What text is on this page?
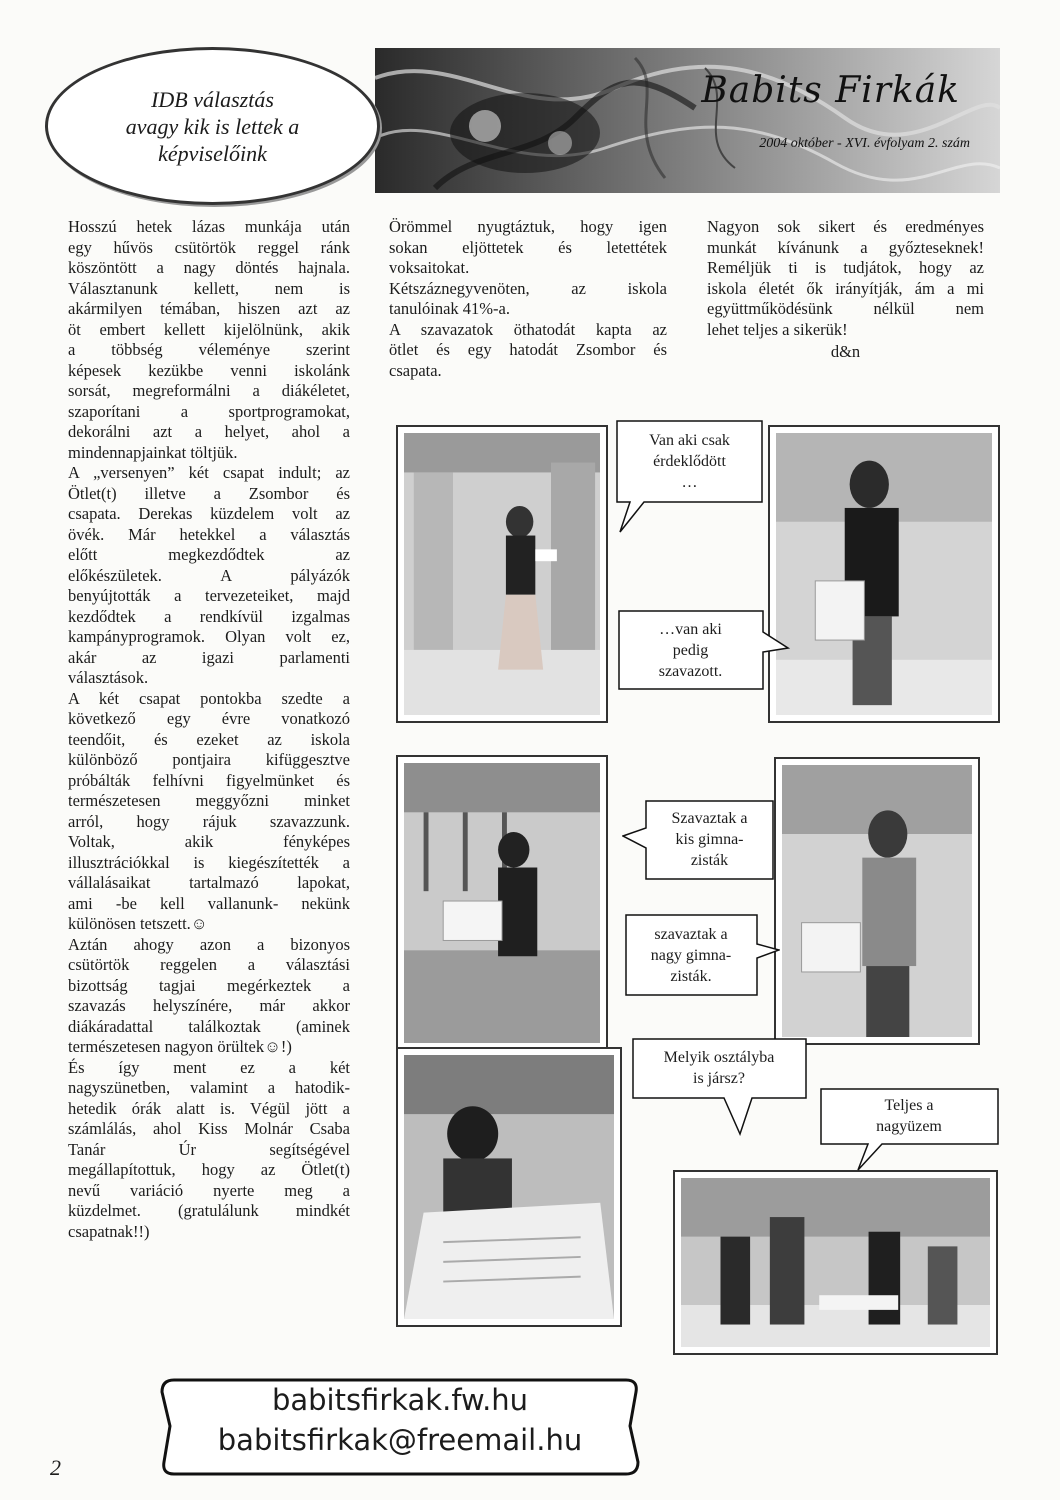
IDB választás
avagy kik is lettek a
képviselőink
Babits Firkák
2004 október - XVI. évfolyam 2. szám
Hosszú hetek lázas munkája után
egy hűvös csütörtök reggel ránk
köszöntött a nagy döntés hajnala.
Választanunk kellett, nem is
akármilyen témában, hiszen azt az
öt embert kellett kijelölnünk, akik
a többség véleménye szerint
képesek kezükbe venni iskolánk
sorsát, megreformálni a diákéletet,
szaporítani a sportprogramokat,
dekorálni azt a helyet, ahol a
mindennapjainkat töltjük.
A „versenyen” két csapat indult; az
Ötlet(t) illetve a Zsombor és
csapata. Derekas küzdelem volt az
övék. Már hetekkel a választás
előtt megkezdődtek az
előkészületek. A pályázók
benyújtották a tervezeteiket, majd
kezdődtek a rendkívül izgalmas
kampányprogramok. Olyan volt ez,
akár az igazi parlamenti
választások.
A két csapat pontokba szedte a
következő egy évre vonatkozó
teendőit, és ezeket az iskola
különböző pontjaira kifüggesztve
próbálták felhívni figyelmünket és
természetesen meggyőzni minket
arról, hogy rájuk szavazzunk.
Voltak, akik fényképes
illusztrációkkal is kiegészítették a
vállalásaikat tartalmazó lapokat,
ami -be kell vallanunk- nekünk
különösen tetszett.☺
Aztán ahogy azon a bizonyos
csütörtök reggelen a választási
bizottság tagjai megérkeztek a
szavazás helyszínére, már akkor
diákáradattal találkoztak (aminek
természetesen nagyon örültek☺!)
És így ment ez a két
nagyszünetben, valamint a hatodik-
hetedik órák alatt is. Végül jött a
számlálás, ahol Kiss Molnár Csaba
Tanár Úr segítségével
megállapítottuk, hogy az Ötlet(t)
nevű variáció nyerte meg a
küzdelmet. (gratulálunk mindkét
csapatnak!!)
Örömmel nyugtáztuk, hogy igen
sokan eljöttetek és letettétek
voksaitokat.
Kétszáznegyvenöten, az iskola
tanulóinak 41%-a.
A szavazatok öthatodát kapta az
ötlet és egy hatodát Zsombor és
csapata.
Nagyon sok sikert és eredményes
munkát kívánunk a győzteseknek!
Reméljük ti is tudjátok, hogy az
iskola életét ők irányítják, ám a mi
együttműködésünk nélkül nem
lehet teljes a sikerük!
d&n
Van aki csak
érdeklődött
…
…van aki
pedig
szavazott.
Szavaztak a
kis gimna-
zisták
szavaztak a
nagy gimna-
zisták.
Melyik osztályba
is jársz?
Teljes a
nagyüzem
babitsfirkak.fw.hu
babitsfirkak@freemail.hu
2
